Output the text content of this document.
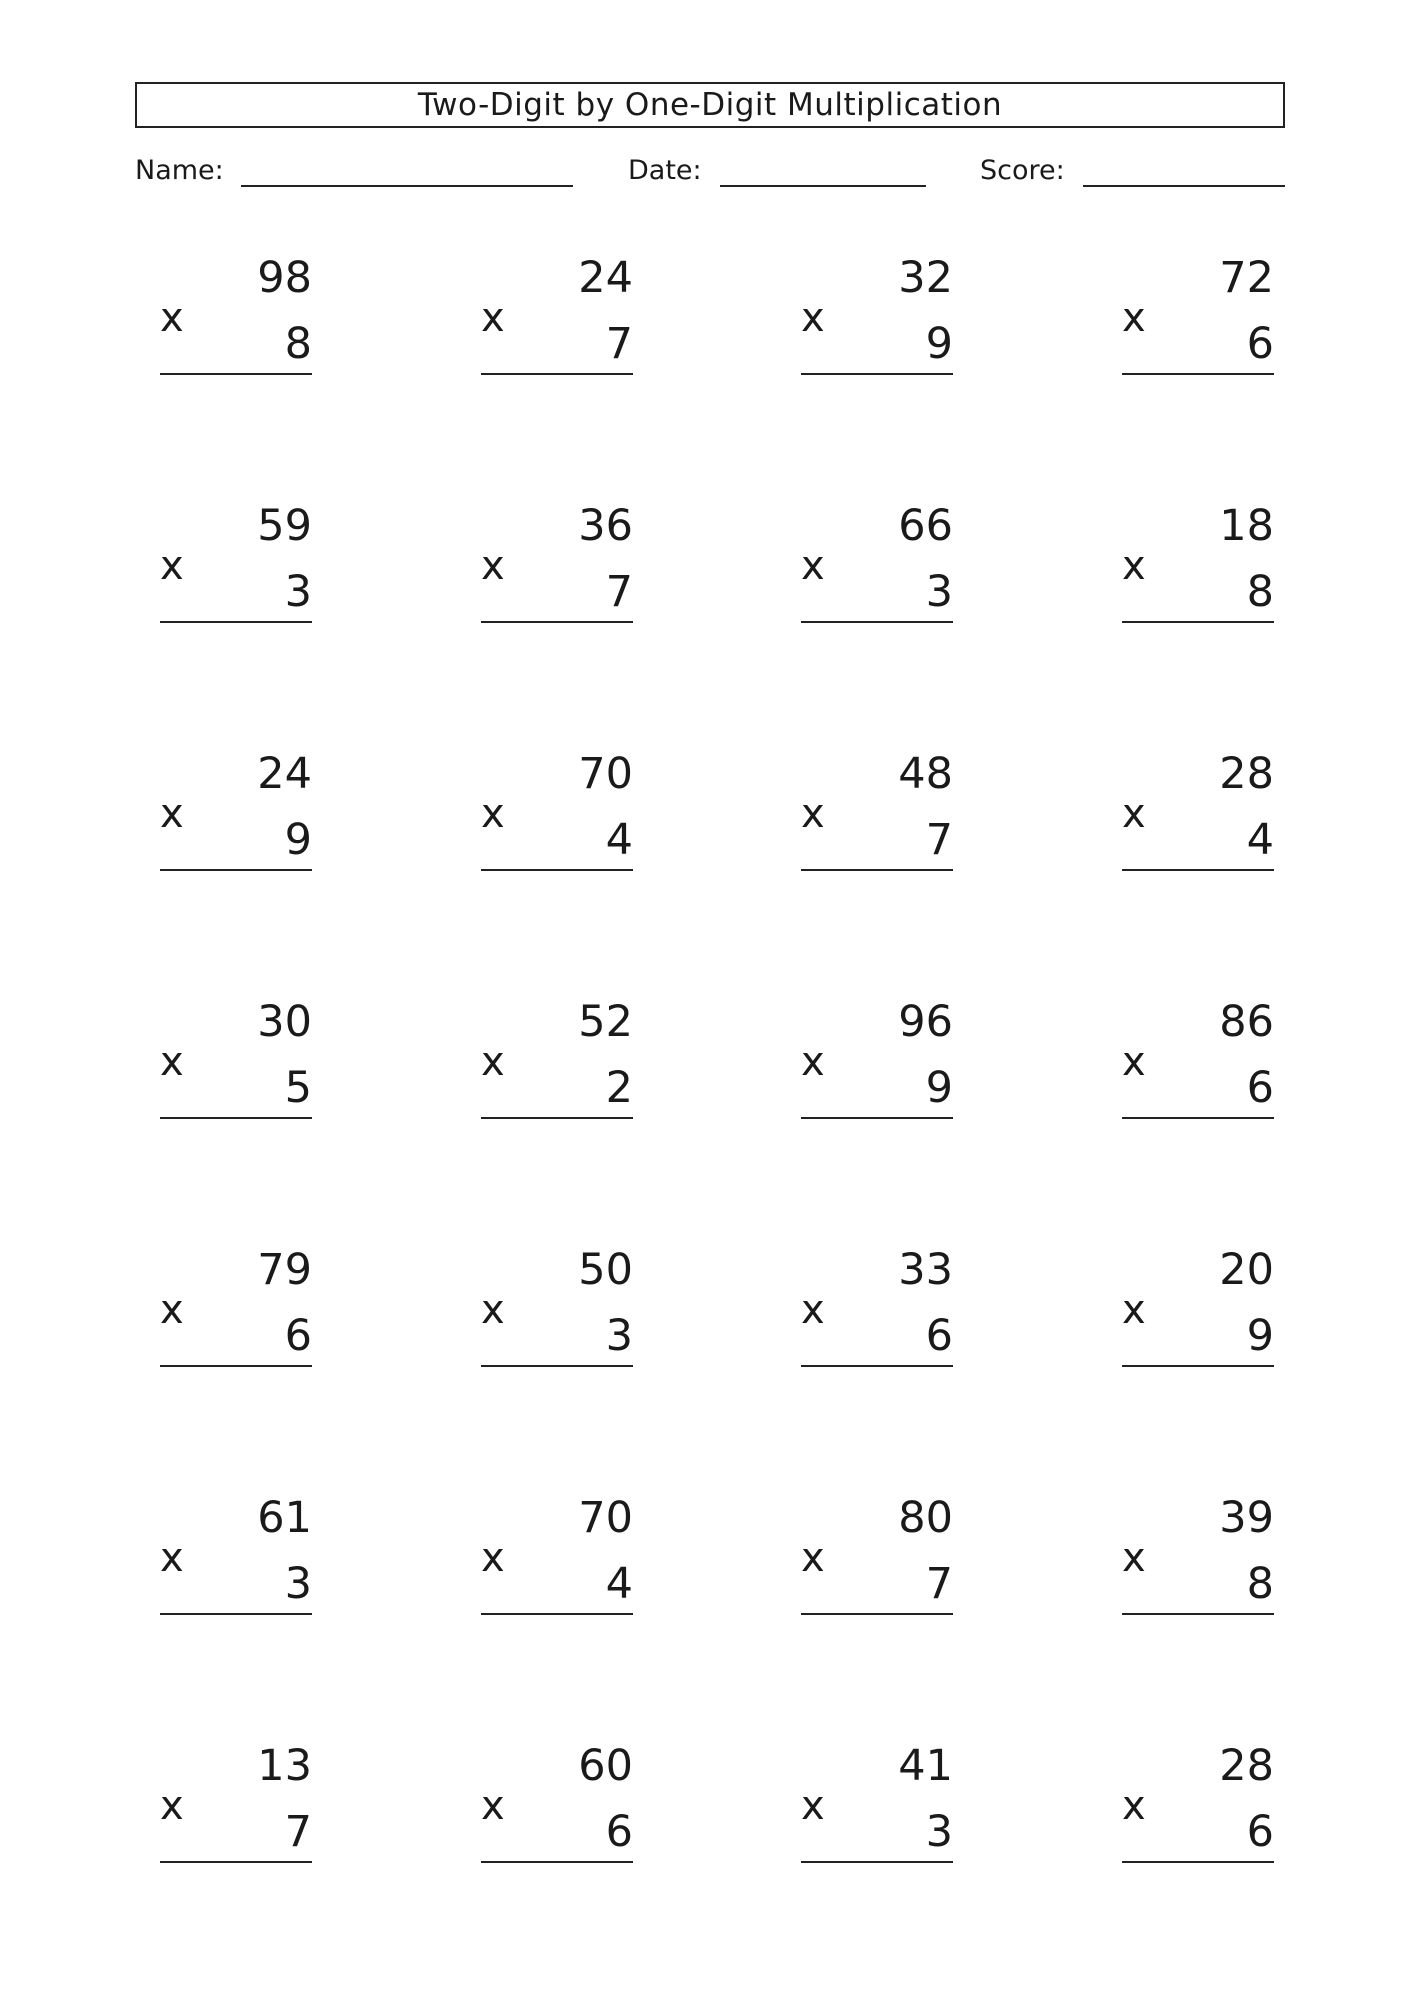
Two-Digit by One-Digit Multiplication
Name:	Date:	Score:
x
98
8
x
24
7
x
32
9
x
72
6
x
59
3
x
36
7
x
66
3
x
18
8
x
24
9
x
70
4
x
48
7
x
28
4
x
30
5
x
52
2
x
96
9
x
86
6
x
79
6
x
50
3
x
33
6
x
20
9
x
61
3
x
70
4
x
80
7
x
39
8
x
13
7
x
60
6
x
41
3
x
28
6
